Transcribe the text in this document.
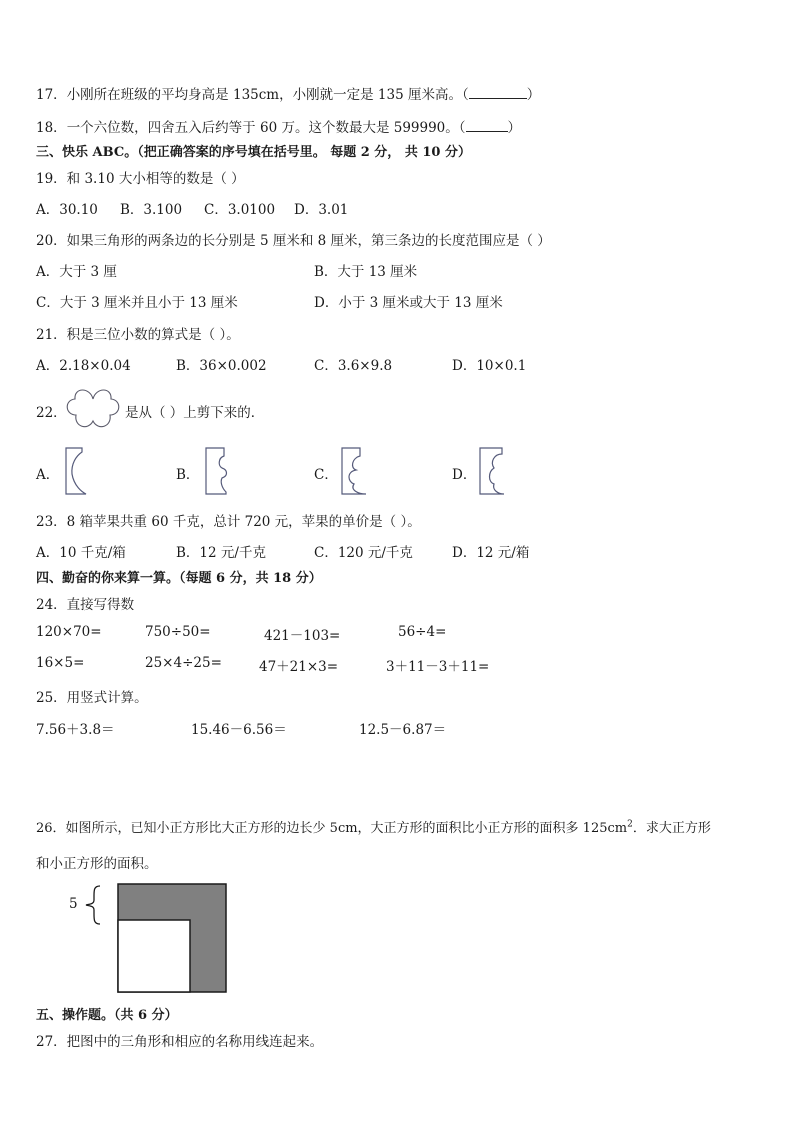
17．小刚所在班级的平均身高是 135cm，小刚就一定是 135 厘米高。（	）
18．一个六位数，四舍五入后约等于 60 万。这个数最大是 599990。（	）
三、快乐 ABC。（把正确答案的序号填在括号里。 每题 2 分， 共 10 分）
19．和 3.10 大小相等的数是（ ）
A．30.10 B．3.100 C．3.0100 D．3.01
20．如果三角形的两条边的长分别是 5 厘米和 8 厘米，第三条边的长度范围应是（ ）
A．大于 3 厘	B．大于 13 厘米
C．大于 3 厘米并且小于 13 厘米	D．小于 3 厘米或大于 13 厘米
21．积是三位小数的算式是（ ）。
A．2.18×0.04	B．36×0.002	C．3.6×9.8	D．10×0.1
22．	是从（ ）上剪下来的．
A．	B．	C．	D．
23．8 箱苹果共重 60 千克，总计 720 元，苹果的单价是（ ）。
A．10 千克/箱	B．12 元/千克	C．120 元/千克	D．12 元/箱
四、勤奋的你来算一算。（每题 6 分，共 18 分）
24．直接写得数
120×70=	750÷50=	421－103=	56÷4=
16×5=	25×4÷25=	47＋21×3=	3＋11－3＋11=
25．用竖式计算。
7.56＋3.8＝	15.46－6.56＝	12.5－6.87＝
26．如图所示，已知小正方形比大正方形的边长少 5cm，大正方形的面积比小正方形的面积多 $125cm^2$．求大正方形
和小正方形的面积。
5
五、操作题。（共 6 分）
27．把图中的三角形和相应的名称用线连起来。
